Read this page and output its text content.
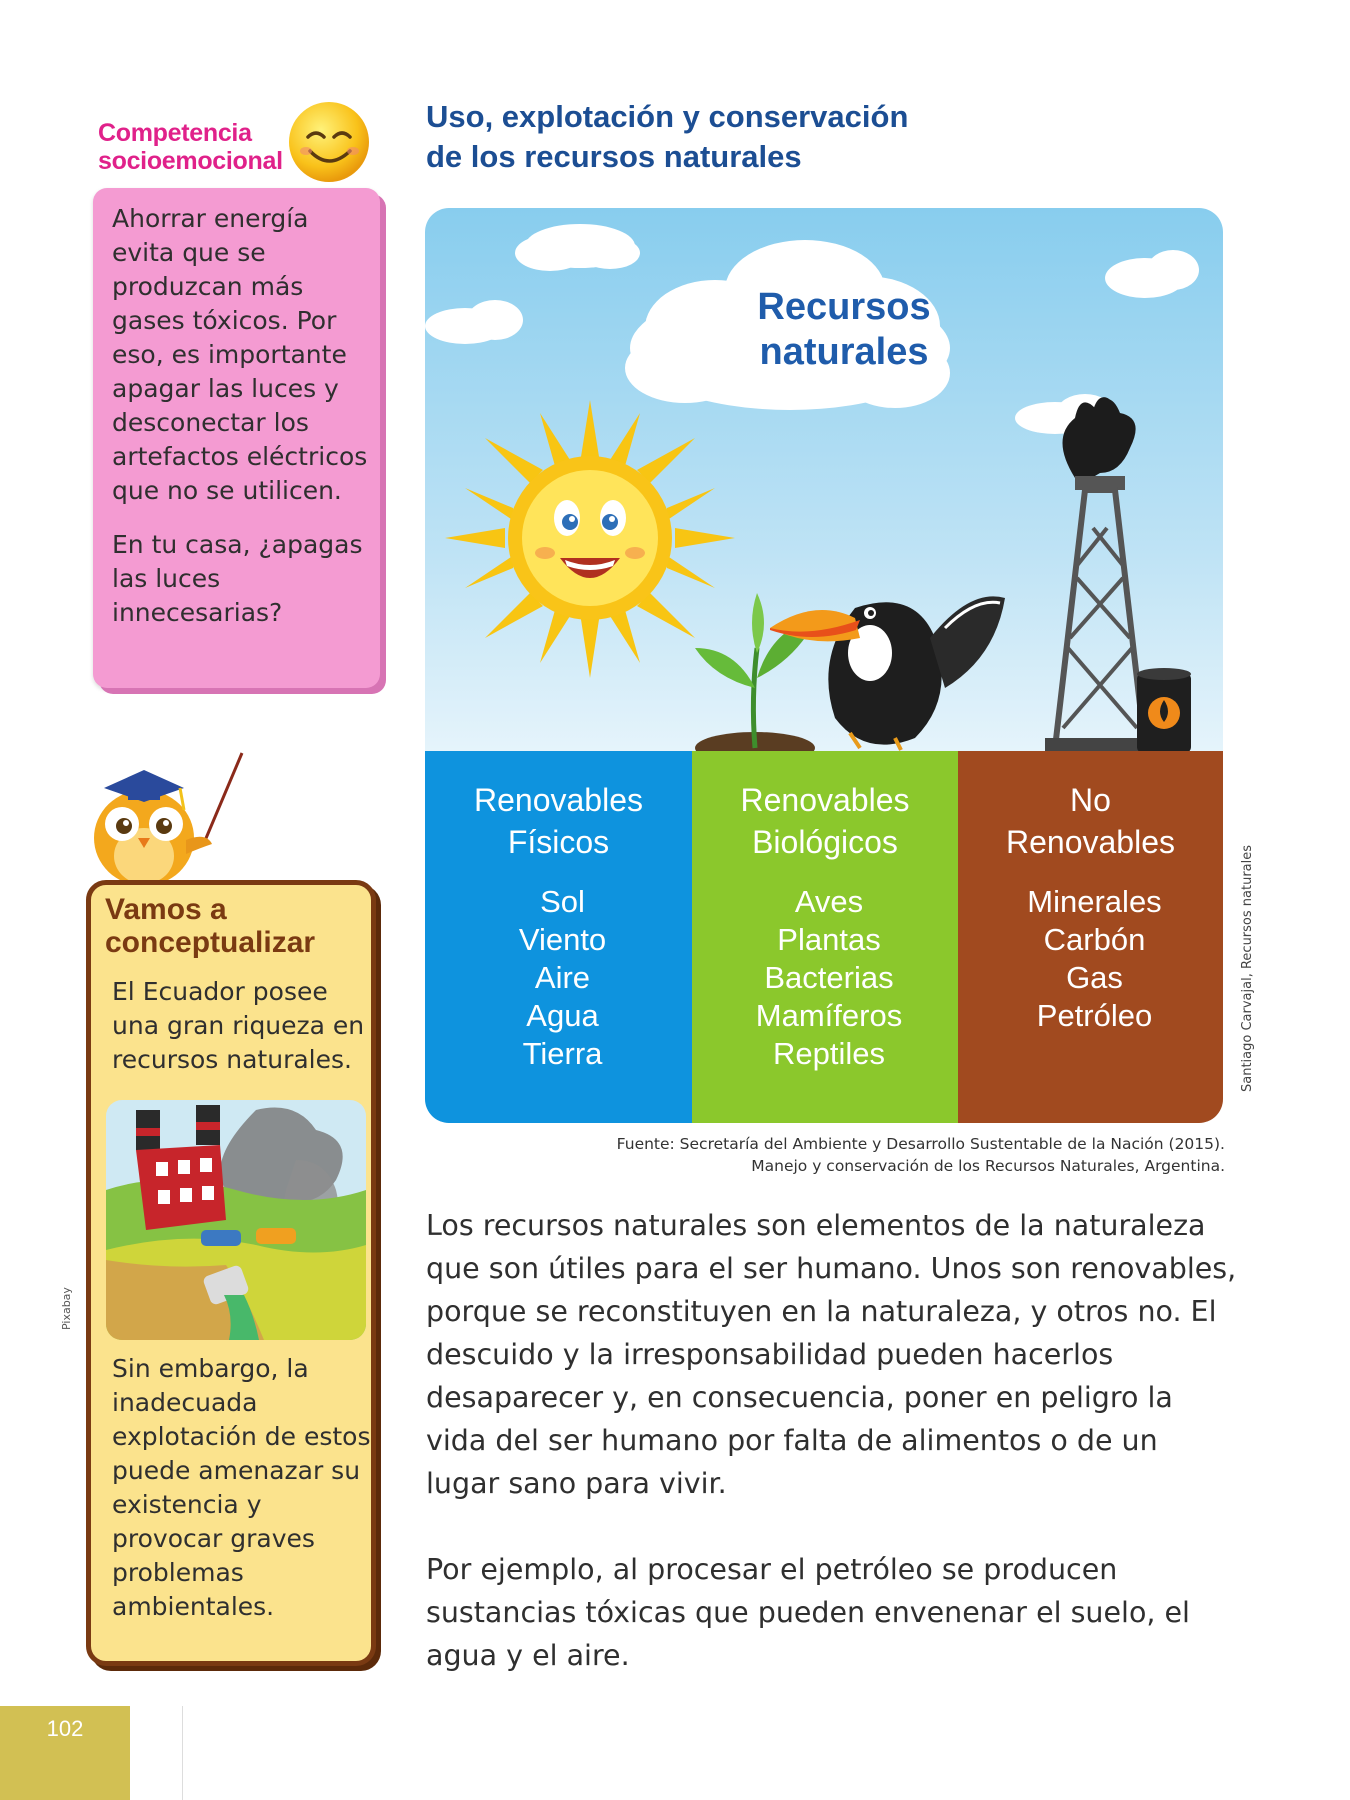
Competencia
socioemocional

Ahorrar energía evita que se produzcan más gases tóxicos. Por eso, es importante apagar las luces y desconectar los artefactos eléctricos que no se utilicen.

En tu casa, ¿apagas las luces innecesarias?

Vamos a
conceptualizar
El Ecuador posee una gran riqueza en recursos naturales.
Sin embargo, la inadecuada explotación de estos puede amenazar su existencia y provocar graves problemas ambientales.
Pixabay
Uso, explotación y conservación
de los recursos naturales
Recursos
naturales
Renovables
Físicos
Sol
Viento
Aire
Agua
Tierra
Renovables
Biológicos
Aves
Plantas
Bacterias
Mamíferos
Reptiles
No
Renovables
Minerales
Carbón
Gas
Petróleo	Santiago Carvajal, Recursos naturales
Fuente: Secretaría del Ambiente y Desarrollo Sustentable de la Nación (2015).
Manejo y conservación de los Recursos Naturales, Argentina.

Los recursos naturales son elementos de la naturaleza que son útiles para el ser humano. Unos son renovables, porque se reconstituyen en la naturaleza, y otros no. El descuido y la irresponsabilidad pueden hacerlos desaparecer y, en consecuencia, poner en peligro la vida del ser humano por falta de alimentos o de un lugar sano para vivir.

Por ejemplo, al procesar el petróleo se producen sustancias tóxicas que pueden envenenar el suelo, el agua y el aire.

102
